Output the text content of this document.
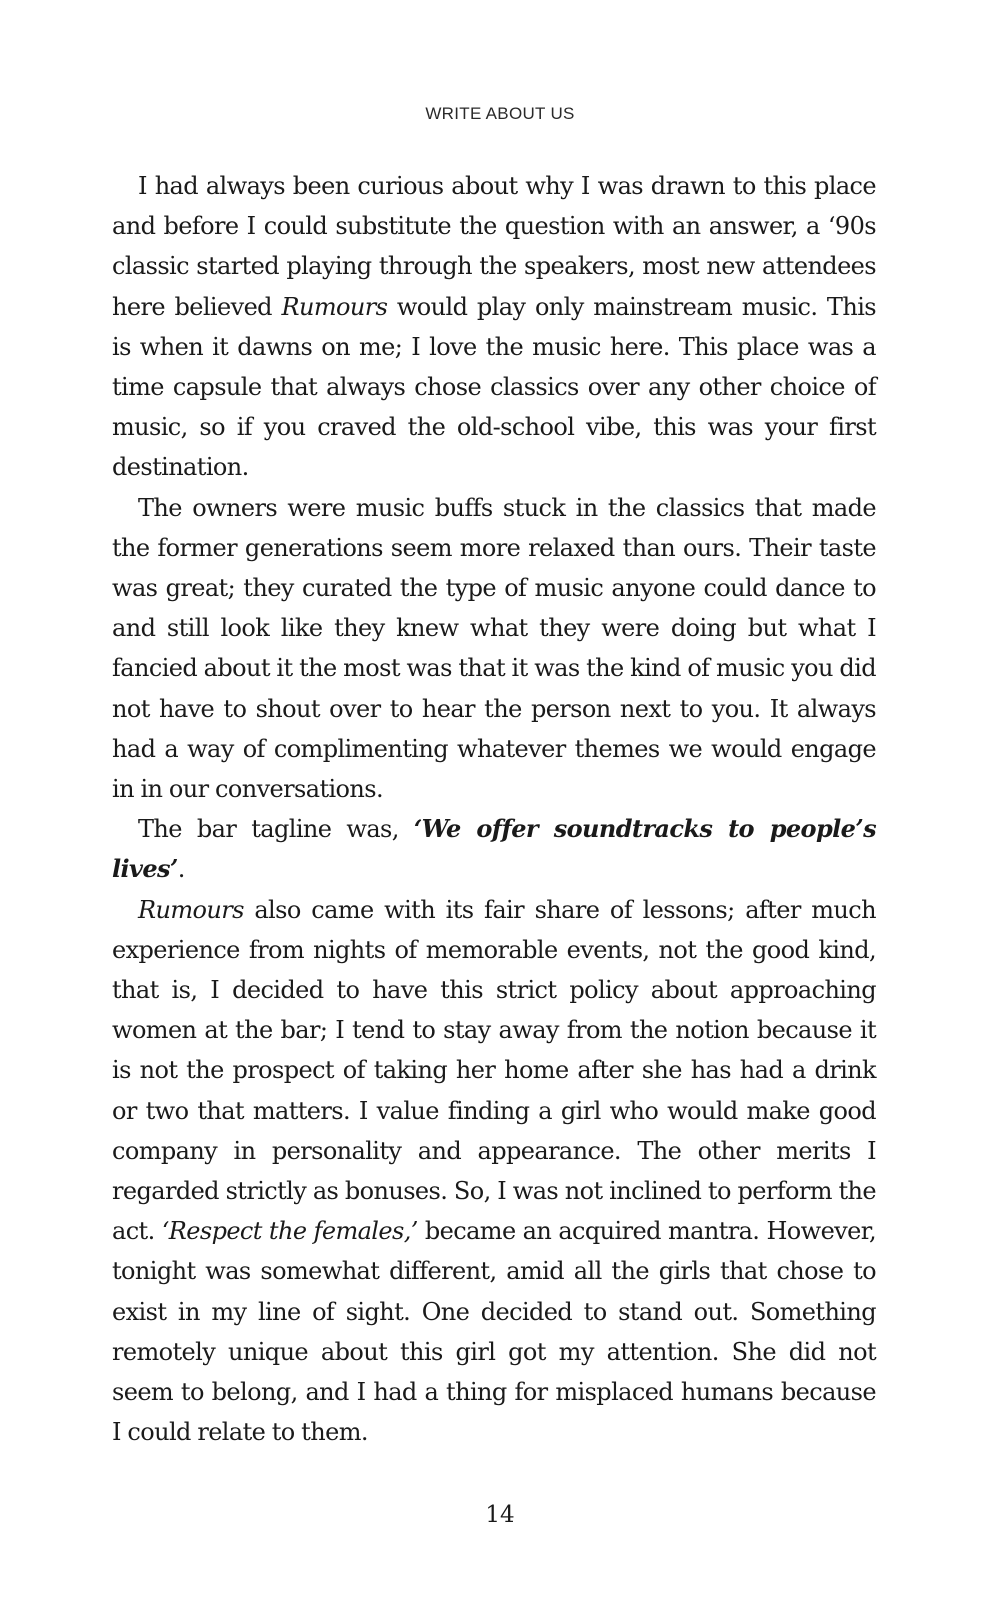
WRITE ABOUT US

I had always been curious about why I was drawn to this place and before I could substitute the question with an answer, a ‘90s classic started playing through the speakers, most new attendees here believed Rumours would play only mainstream music. This is when it dawns on me; I love the music here. This place was a time capsule that always chose classics over any other choice of music, so if you craved the old-school vibe, this was your first destination.

The owners were music buffs stuck in the classics that made the former generations seem more relaxed than ours. Their taste was great; they curated the type of music anyone could dance to and still look like they knew what they were doing but what I fancied about it the most was that it was the kind of music you did not have to shout over to hear the person next to you. It always had a way of complimenting whatever themes we would engage in in our conversations.

The bar tagline was, ‘We offer soundtracks to people’s lives’.

Rumours also came with its fair share of lessons; after much experience from nights of memorable events, not the good kind, that is, I decided to have this strict policy about approaching women at the bar; I tend to stay away from the notion because it is not the prospect of taking her home after she has had a drink or two that matters. I value finding a girl who would make good company in personality and appearance. The other merits I regarded strictly as bonuses. So, I was not inclined to perform the act. ‘Respect the females,’ became an acquired mantra. However, tonight was somewhat different, amid all the girls that chose to exist in my line of sight. One decided to stand out. Something remotely unique about this girl got my attention. She did not seem to belong, and I had a thing for misplaced humans because I could relate to them.

14
